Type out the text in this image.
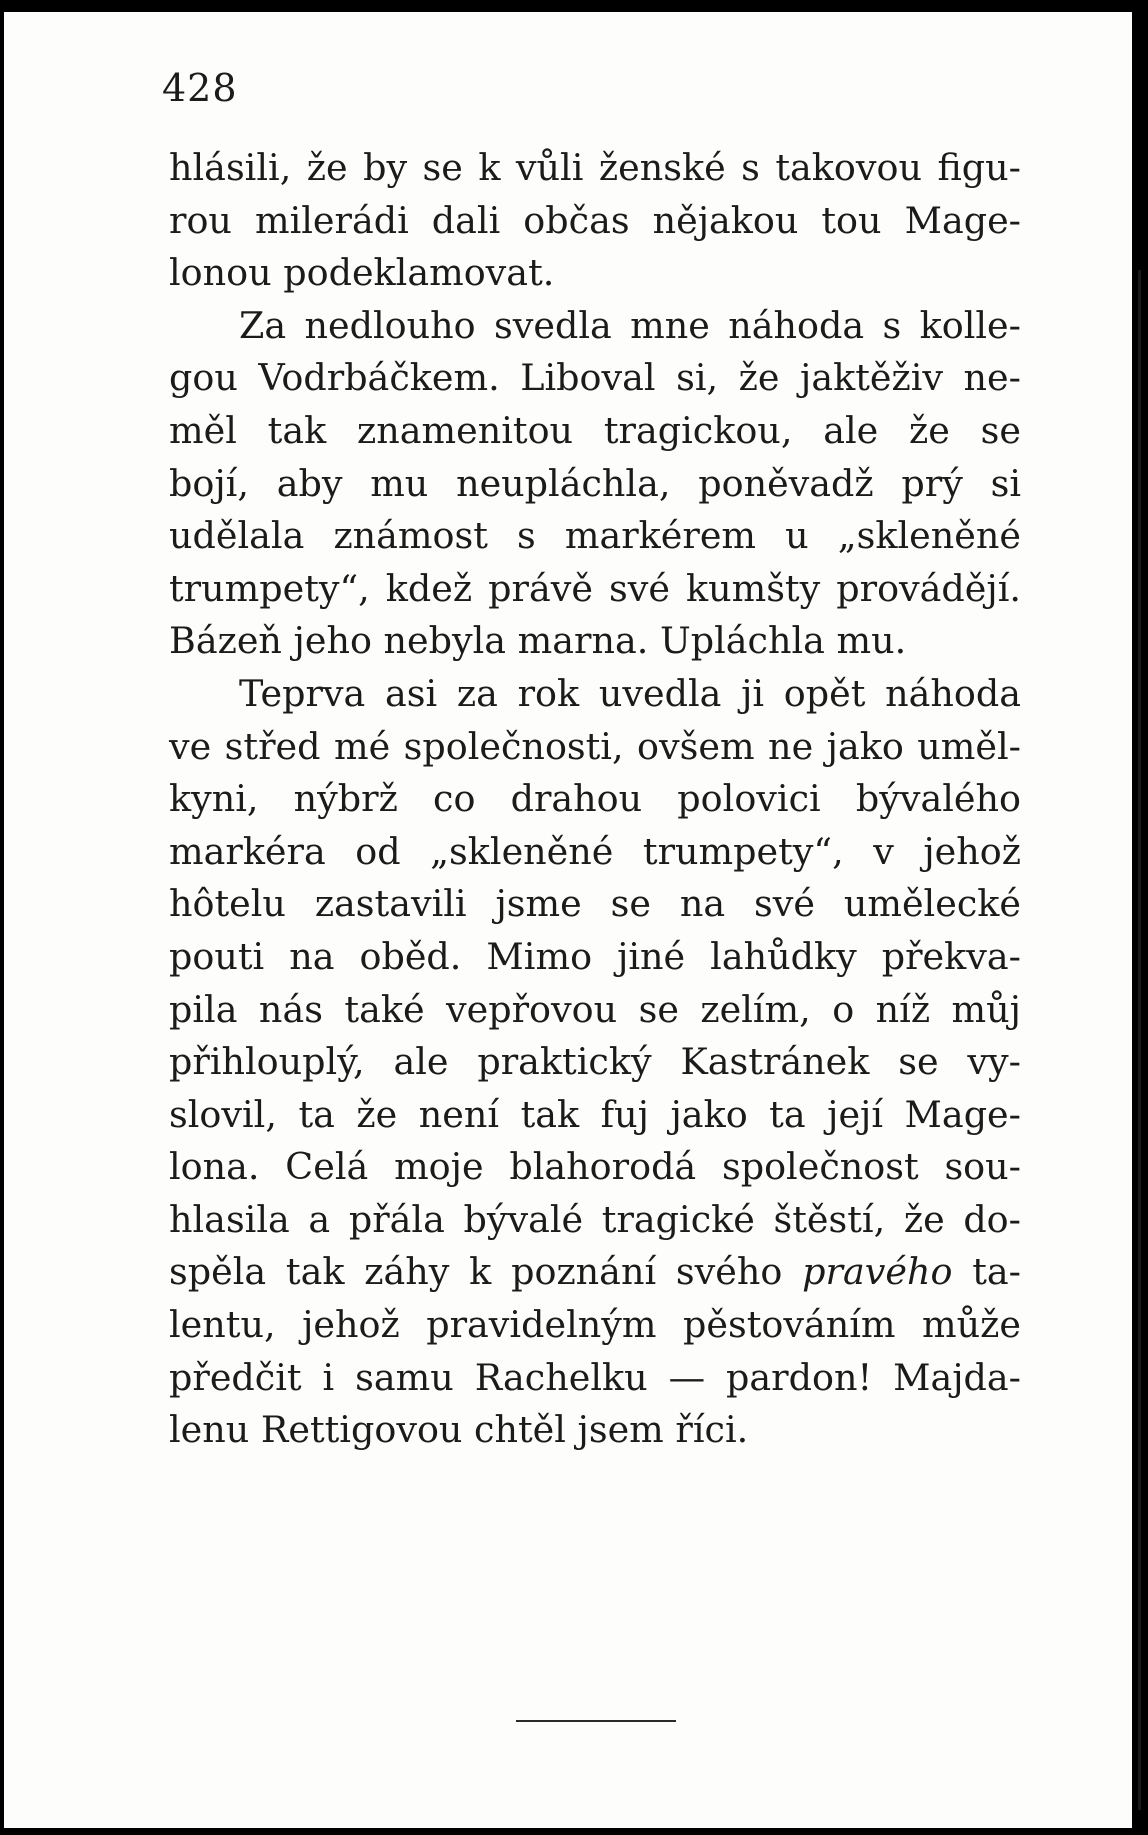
428
hlásili, že by se k vůli ženské s takovou figu-
rou milerádi dali občas nějakou tou Mage-
lonou podeklamovat.
Za nedlouho svedla mne náhoda s kolle-
gou Vodrbáčkem. Liboval si, že jaktěživ ne-
měl tak znamenitou tragickou, ale že se
bojí, aby mu neupláchla, poněvadž prý si
udělala známost s markérem u „skleněné
trumpety“, kdež právě své kumšty provádějí.
Bázeň jeho nebyla marna. Upláchla mu.
Teprva asi za rok uvedla ji opět náhoda
ve střed mé společnosti, ovšem ne jako uměl-
kyni, nýbrž co drahou polovici bývalého
markéra od „skleněné trumpety“, v jehož
hôtelu zastavili jsme se na své umělecké
pouti na oběd. Mimo jiné lahůdky překva-
pila nás také vepřovou se zelím, o níž můj
přihlouplý, ale praktický Kastránek se vy-
slovil, ta že není tak fuj jako ta její Mage-
lona. Celá moje blahorodá společnost sou-
hlasila a přála bývalé tragické štěstí, že do-
spěla tak záhy k poznání svého pravého ta-
lentu, jehož pravidelným pěstováním může
předčit i samu Rachelku — pardon! Majda-
lenu Rettigovou chtěl jsem říci.
